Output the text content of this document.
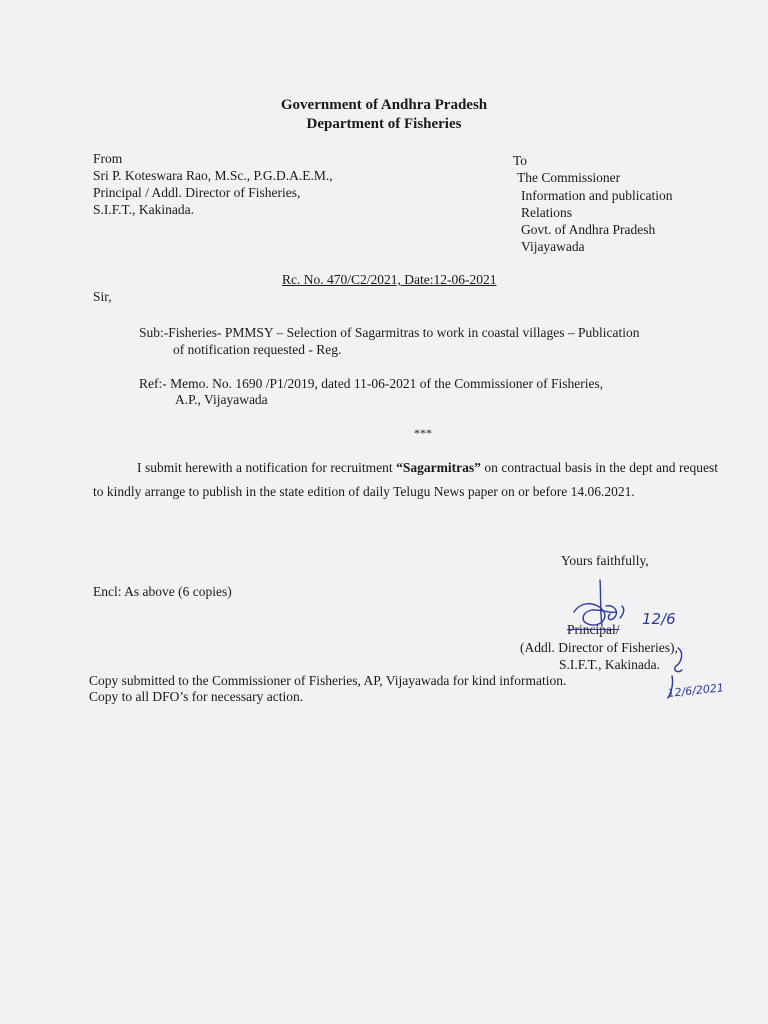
Government of Andhra Pradesh
Department of Fisheries
From
Sri P. Koteswara Rao, M.Sc., P.G.D.A.E.M.,
Principal / Addl. Director of Fisheries,
S.I.F.T., Kakinada.
To
The Commissioner
Information and publication
Relations
Govt. of Andhra Pradesh
Vijayawada
Rc. No. 470/C2/2021, Date:12-06-2021
Sir,
Sub:-Fisheries- PMMSY – Selection of Sagarmitras to work in coastal villages – Publication
of notification requested - Reg.
Ref:- Memo. No. 1690 /P1/2019, dated 11-06-2021 of the Commissioner of Fisheries,
A.P., Vijayawada
***
I submit herewith a notification for recruitment “Sagarmitras” on contractual basis in the dept and request to kindly arrange to publish in the state edition of daily Telugu News paper on or before 14.06.2021.
Yours faithfully,
Encl: As above (6 copies)
12/6
12/6/2021
Principal/
(Addl. Director of Fisheries),
S.I.F.T., Kakinada.
Copy submitted to the Commissioner of Fisheries, AP, Vijayawada for kind information.
Copy to all DFO’s for necessary action.
